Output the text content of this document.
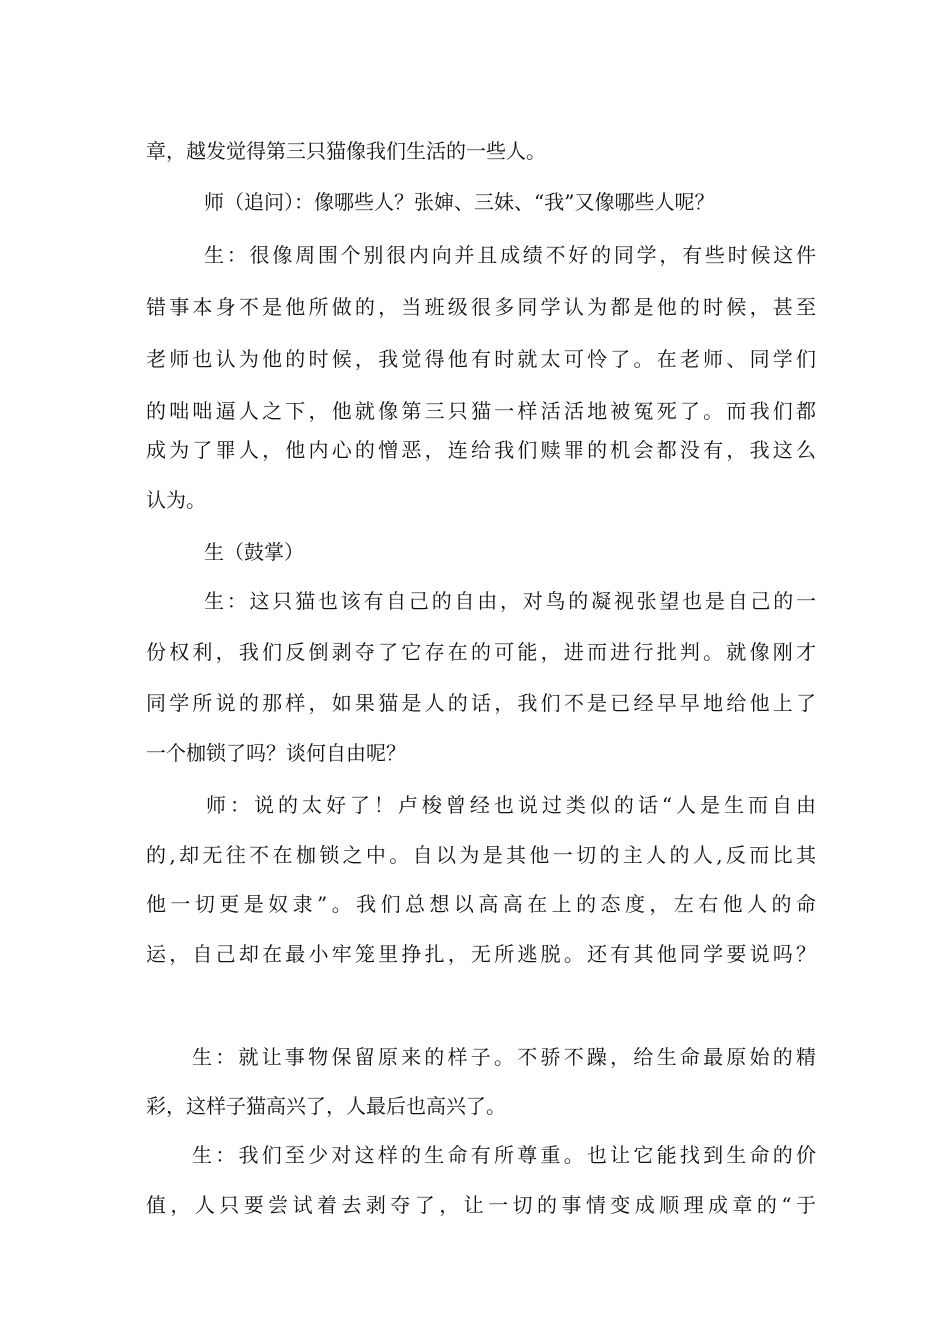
章，越发觉得第三只猫像我们生活的一些人。
师（追问）：像哪些人？张婶、三妹、“我”又像哪些人呢？
生：很像周围个别很内向并且成绩不好的同学，有些时候这件
错事本身不是他所做的，当班级很多同学认为都是他的时候，甚至
老师也认为他的时候，我觉得他有时就太可怜了。在老师、同学们
的咄咄逼人之下，他就像第三只猫一样活活地被冤死了。而我们都
成为了罪人，他内心的憎恶，连给我们赎罪的机会都没有，我这么
认为。
生（鼓掌）
生：这只猫也该有自己的自由，对鸟的凝视张望也是自己的一
份权利，我们反倒剥夺了它存在的可能，进而进行批判。就像刚才
同学所说的那样，如果猫是人的话，我们不是已经早早地给他上了
一个枷锁了吗？谈何自由呢？
师：说的太好了！卢梭曾经也说过类似的话“人是生而自由
的,却无往不在枷锁之中。自以为是其他一切的主人的人,反而比其
他一切更是奴隶”。我们总想以高高在上的态度，左右他人的命
运，自己却在最小牢笼里挣扎，无所逃脱。还有其他同学要说吗？
生：就让事物保留原来的样子。不骄不躁，给生命最原始的精
彩，这样子猫高兴了，人最后也高兴了。
生：我们至少对这样的生命有所尊重。也让它能找到生命的价
值，人只要尝试着去剥夺了，让一切的事情变成顺理成章的“于
